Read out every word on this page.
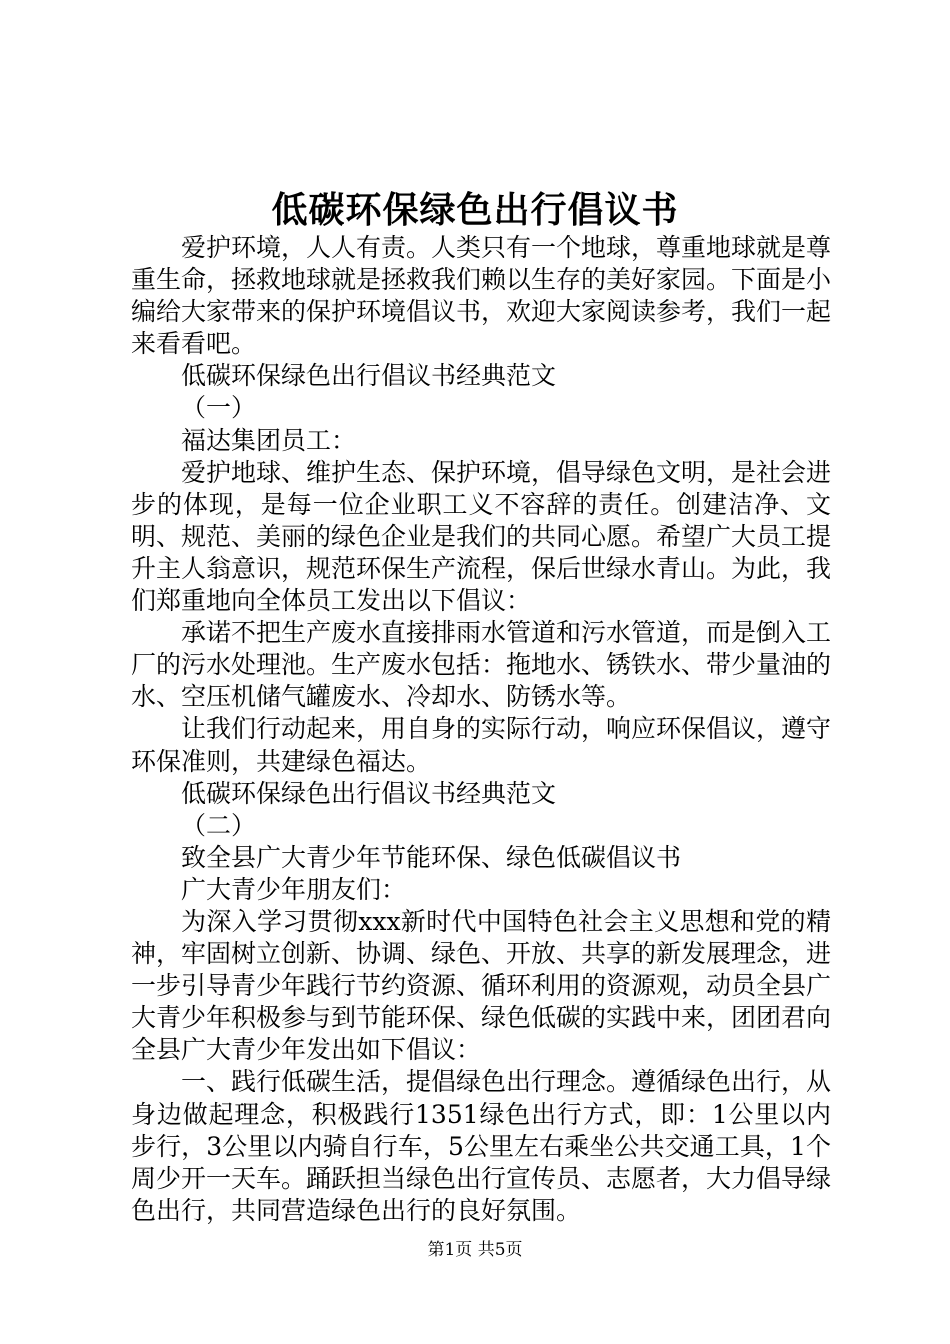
低碳环保绿色出行倡议书

爱护环境，人人有责。人类只有一个地球，尊重地球就是尊重生命，拯救地球就是拯救我们赖以生存的美好家园。下面是小编给大家带来的保护环境倡议书，欢迎大家阅读参考，我们一起来看看吧。

低碳环保绿色出行倡议书经典范文

（一）

福达集团员工：

爱护地球、维护生态、保护环境，倡导绿色文明，是社会进步的体现，是每一位企业职工义不容辞的责任。创建洁净、文明、规范、美丽的绿色企业是我们的共同心愿。希望广大员工提升主人翁意识，规范环保生产流程，保后世绿水青山。为此，我们郑重地向全体员工发出以下倡议：

承诺不把生产废水直接排雨水管道和污水管道，而是倒入工厂的污水处理池。生产废水包括：拖地水、锈铁水、带少量油的水、空压机储气罐废水、冷却水、防锈水等。

让我们行动起来，用自身的实际行动，响应环保倡议，遵守环保准则，共建绿色福达。

低碳环保绿色出行倡议书经典范文

（二）

致全县广大青少年节能环保、绿色低碳倡议书

广大青少年朋友们：

为深入学习贯彻xxx新时代中国特色社会主义思想和党的精神，牢固树立创新、协调、绿色、开放、共享的新发展理念，进一步引导青少年践行节约资源、循环利用的资源观，动员全县广大青少年积极参与到节能环保、绿色低碳的实践中来，团团君向全县广大青少年发出如下倡议：

一、践行低碳生活，提倡绿色出行理念。遵循绿色出行，从身边做起理念，积极践行1351绿色出行方式，即：1公里以内步行，3公里以内骑自行车，5公里左右乘坐公共交通工具，1个周少开一天车。踊跃担当绿色出行宣传员、志愿者，大力倡导绿色出行，共同营造绿色出行的良好氛围。

第1页 共5页
